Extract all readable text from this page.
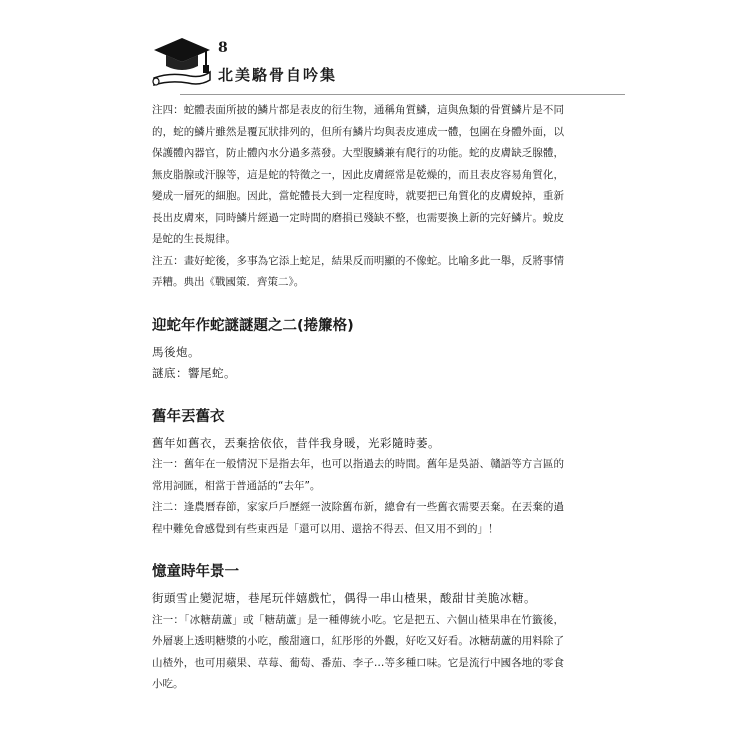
8
北美駱骨自吟集

注四：蛇體表面所披的鱗片都是表皮的衍生物，通稱角質鱗，這與魚類的骨質鱗片是不同的，蛇的鱗片雖然是覆瓦狀排列的，但所有鱗片均與表皮連成一體，包圍在身體外面，以保護體內器官，防止體內水分過多蒸發。大型腹鱗兼有爬行的功能。蛇的皮膚缺乏腺體，無皮脂腺或汗腺等，這是蛇的特徵之一，因此皮膚經常是乾燥的，而且表皮容易角質化，變成一層死的細胞。因此，當蛇體長大到一定程度時，就要把已角質化的皮膚蛻掉，重新長出皮膚來，同時鱗片經過一定時間的磨損已殘缺不整，也需要換上新的完好鱗片。蛻皮是蛇的生長規律。

注五：畫好蛇後，多事為它添上蛇足，結果反而明顯的不像蛇。比喻多此一舉，反將事情弄糟。典出《戰國策．齊策二》。

迎蛇年作蛇謎謎題之二(捲簾格)

馬後炮。

謎底：響尾蛇。

舊年丟舊衣

舊年如舊衣，丟棄捨依依，昔伴我身暖，光彩隨時萎。

注一：舊年在一般情況下是指去年，也可以指過去的時間。舊年是吳語、贛語等方言區的常用詞匯，相當于普通話的“去年”。

注二：逢農曆春節，家家戶戶歷經一波除舊布新，總會有一些舊衣需要丟棄。在丟棄的過程中難免會感覺到有些東西是「還可以用、還捨不得丟、但又用不到的」！

憶童時年景一

街頭雪止變泥塘，巷尾玩伴嬉戲忙，偶得一串山楂果，酸甜甘美脆冰糖。

注一：「冰糖葫蘆」或「糖葫蘆」是一種傳統小吃。它是把五、六個山楂果串在竹籤後，外層裹上透明糖漿的小吃，酸甜適口，紅彤彤的外觀，好吃又好看。冰糖葫蘆的用料除了山楂外，也可用蘋果、草莓、葡萄、番茄、李子…等多種口味。它是流行中國各地的零食小吃。
